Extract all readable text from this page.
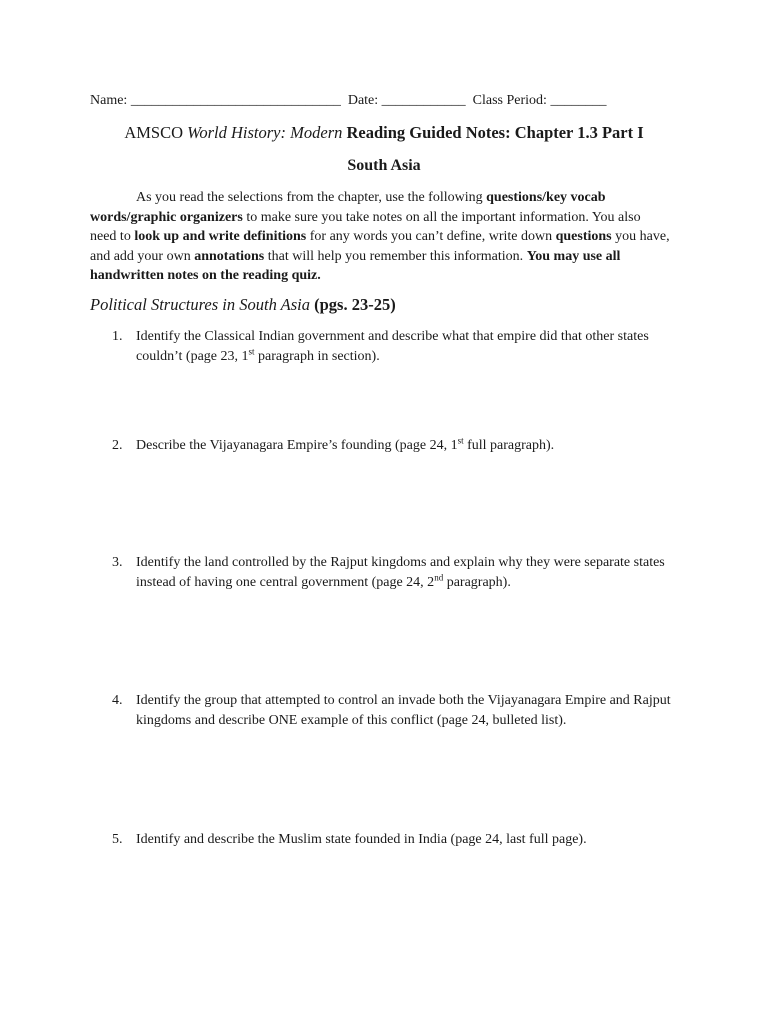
Name: ______________________________  Date: ____________  Class Period: ________
AMSCO World History: Modern Reading Guided Notes: Chapter 1.3 Part I
South Asia
As you read the selections from the chapter, use the following questions/key vocab words/graphic organizers to make sure you take notes on all the important information. You also need to look up and write definitions for any words you can’t define, write down questions you have, and add your own annotations that will help you remember this information. You may use all handwritten notes on the reading quiz.
Political Structures in South Asia (pgs. 23-25)
1. Identify the Classical Indian government and describe what that empire did that other states couldn’t (page 23, 1st paragraph in section).
2. Describe the Vijayanagara Empire’s founding (page 24, 1st full paragraph).
3. Identify the land controlled by the Rajput kingdoms and explain why they were separate states instead of having one central government (page 24, 2nd paragraph).
4. Identify the group that attempted to control an invade both the Vijayanagara Empire and Rajput kingdoms and describe ONE example of this conflict (page 24, bulleted list).
5. Identify and describe the Muslim state founded in India (page 24, last full page).
